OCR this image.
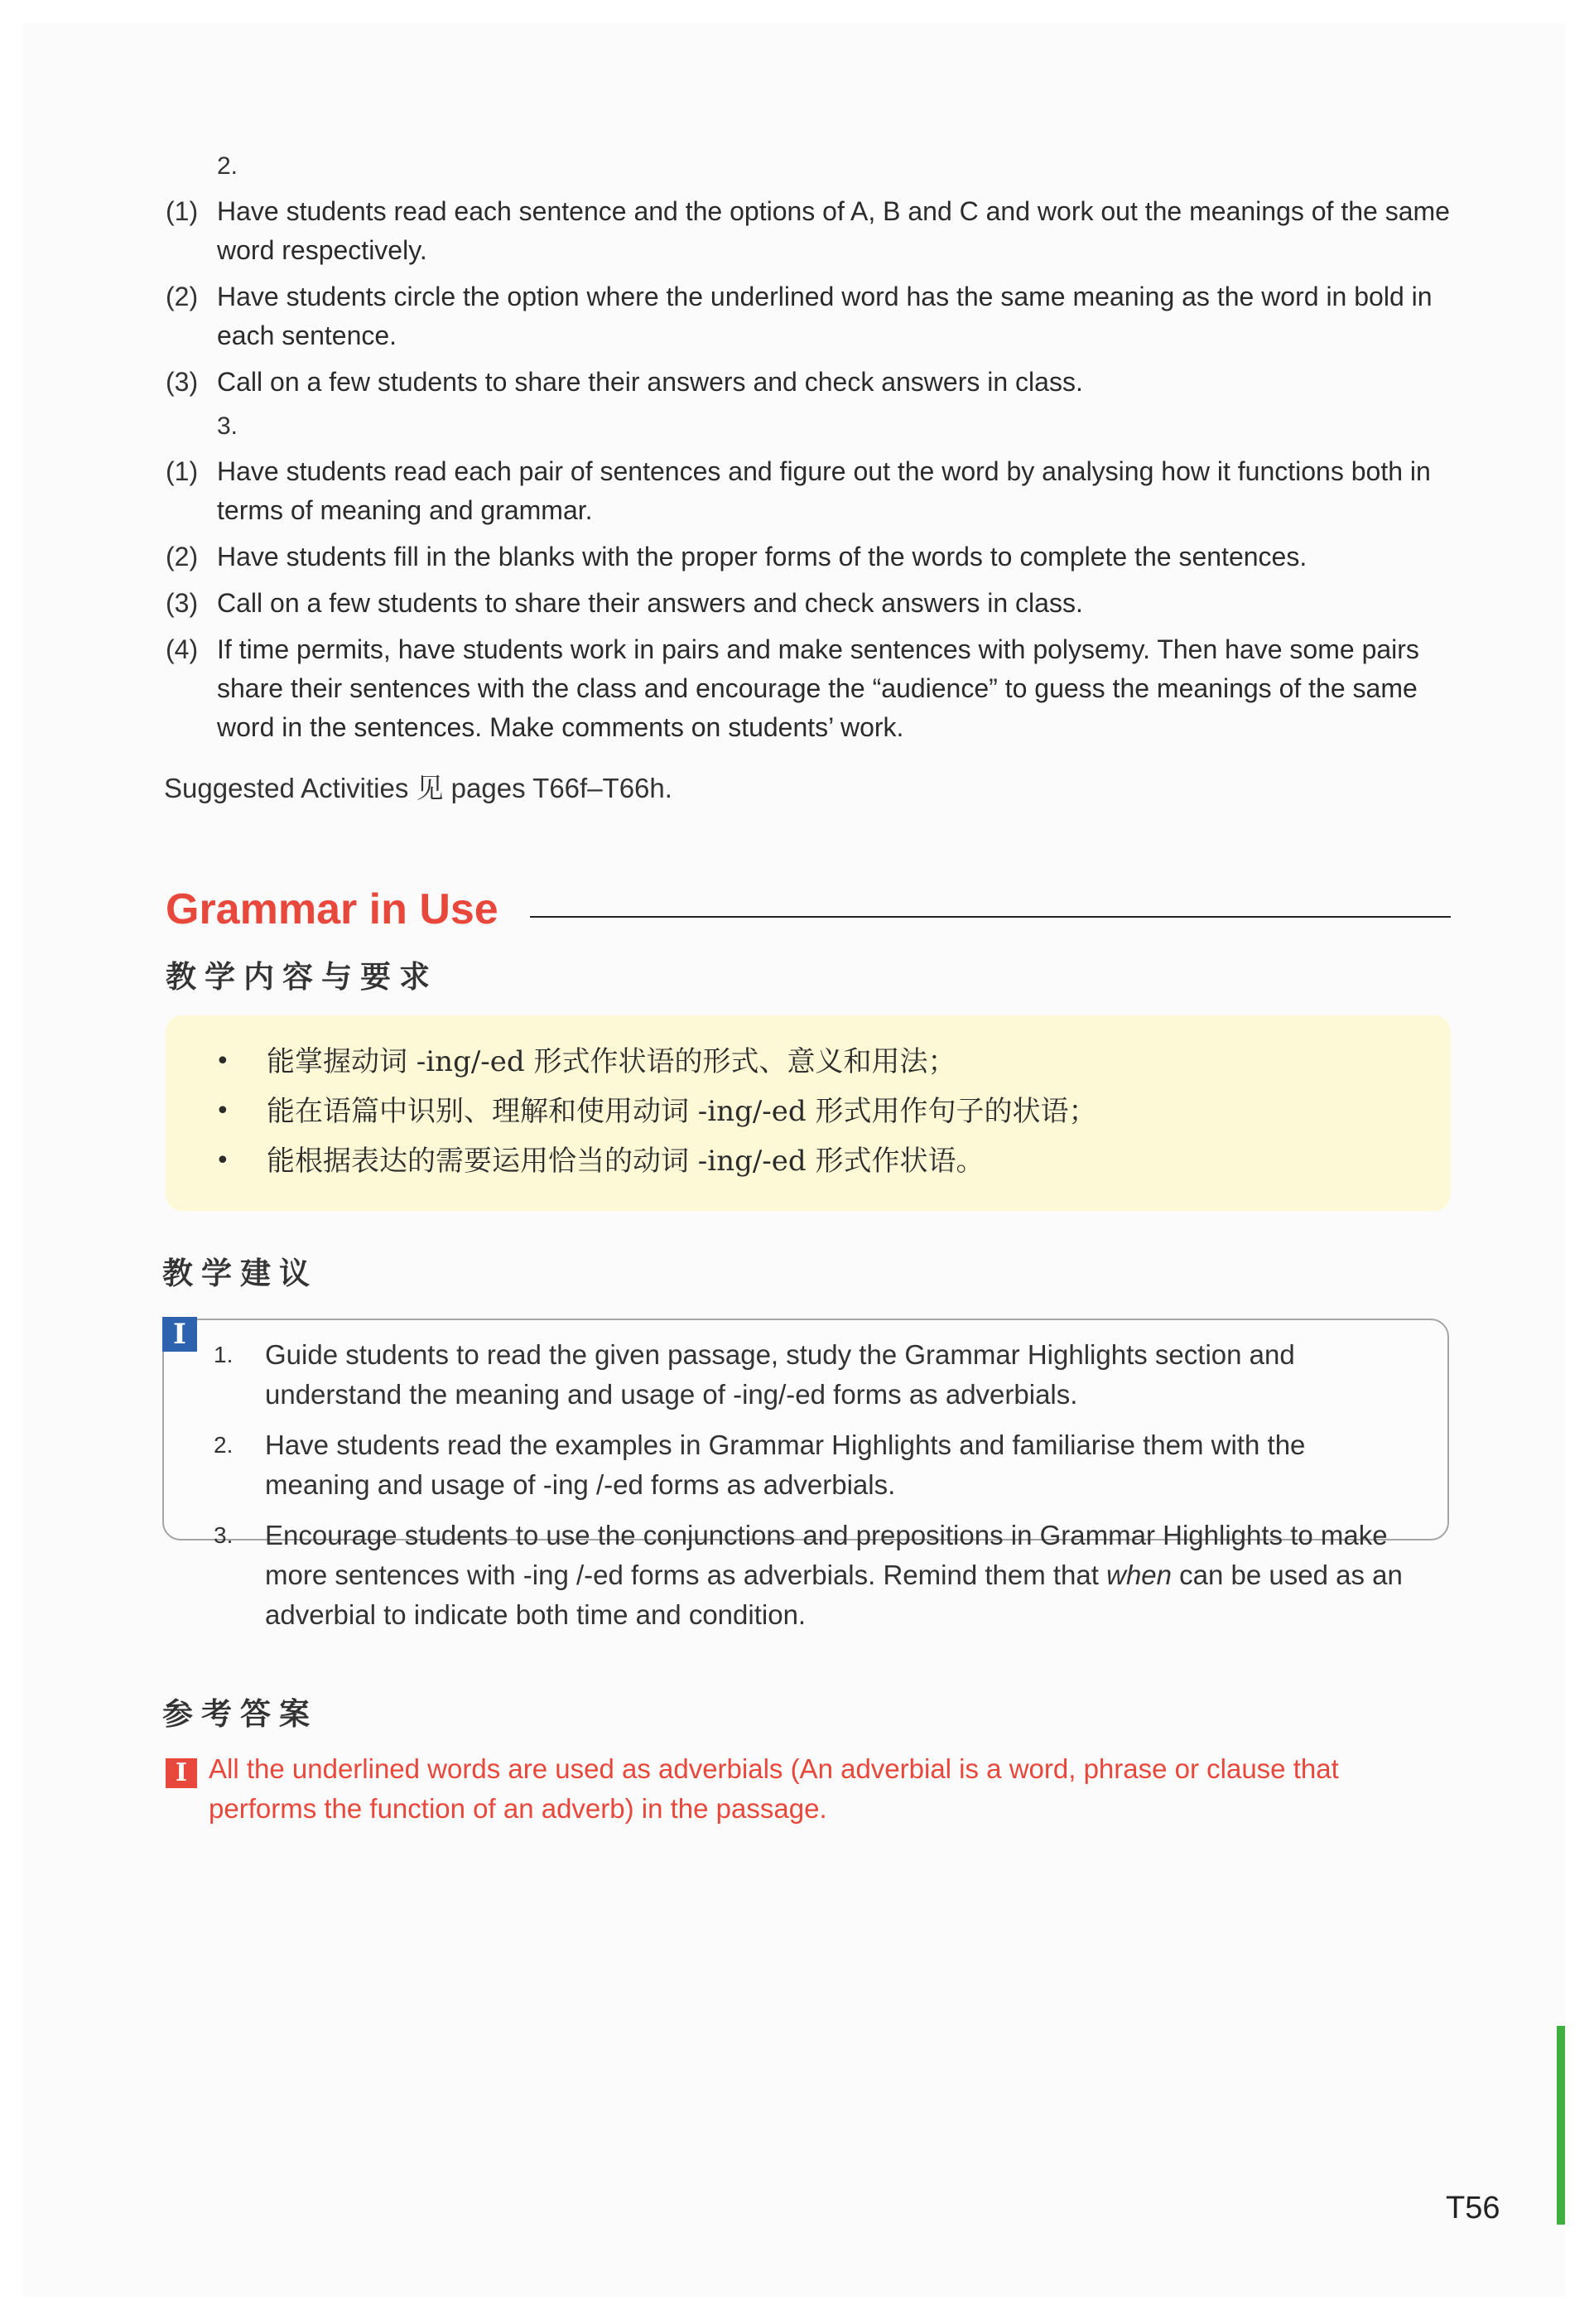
2.
(1) Have students read each sentence and the options of A, B and C and work out the meanings of the same word respectively.
(2) Have students circle the option where the underlined word has the same meaning as the word in bold in each sentence.
(3) Call on a few students to share their answers and check answers in class.
3.
(1) Have students read each pair of sentences and figure out the word by analysing how it functions both in terms of meaning and grammar.
(2) Have students fill in the blanks with the proper forms of the words to complete the sentences.
(3) Call on a few students to share their answers and check answers in class.
(4) If time permits, have students work in pairs and make sentences with polysemy. Then have some pairs share their sentences with the class and encourage the “audience” to guess the meanings of the same word in the sentences. Make comments on students’ work.
Suggested Activities 见 pages T66f–T66h.
Grammar in Use
教学内容与要求
•	能掌握动词 -ing/-ed 形式作状语的形式、意义和用法；
•	能在语篇中识别、理解和使用动词 -ing/-ed 形式用作句子的状语；
•	能根据表达的需要运用恰当的动词 -ing/-ed 形式作状语。
教学建议
I
1.	Guide students to read the given passage, study the Grammar Highlights section and understand the meaning and usage of -ing/-ed forms as adverbials.
2.	Have students read the examples in Grammar Highlights and familiarise them with the meaning and usage of -ing /-ed forms as adverbials.
3.	Encourage students to use the conjunctions and prepositions in Grammar Highlights to make more sentences with -ing /-ed forms as adverbials. Remind them that when can be used as an adverbial to indicate both time and condition.
参考答案
I All the underlined words are used as adverbials (An adverbial is a word, phrase or clause that performs the function of an adverb) in the passage.
T56
